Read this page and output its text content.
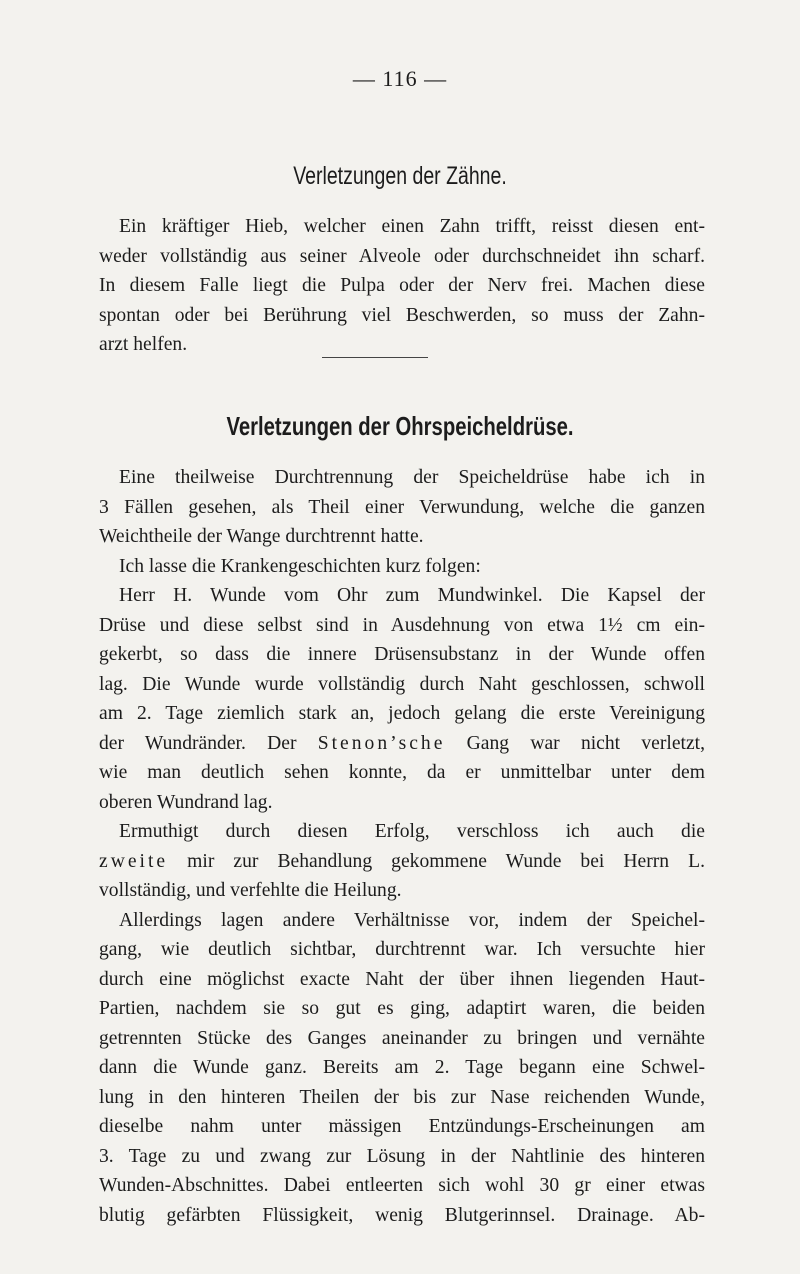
— 116 —
Verletzungen der Zähne.
Ein kräftiger Hieb, welcher einen Zahn trifft, reisst diesen ent-
weder vollständig aus seiner Alveole oder durchschneidet ihn scharf.
In diesem Falle liegt die Pulpa oder der Nerv frei. Machen diese
spontan oder bei Berührung viel Beschwerden, so muss der Zahn-
arzt helfen.
Verletzungen der Ohrspeicheldrüse.
Eine theilweise Durchtrennung der Speicheldrüse habe ich in
3 Fällen gesehen, als Theil einer Verwundung, welche die ganzen
Weichtheile der Wange durchtrennt hatte.
Ich lasse die Krankengeschichten kurz folgen:
Herr H. Wunde vom Ohr zum Mundwinkel. Die Kapsel der
Drüse und diese selbst sind in Ausdehnung von etwa 1½ cm ein-
gekerbt, so dass die innere Drüsensubstanz in der Wunde offen
lag. Die Wunde wurde vollständig durch Naht geschlossen, schwoll
am 2. Tage ziemlich stark an, jedoch gelang die erste Vereinigung
der Wundränder. Der Stenon’sche Gang war nicht verletzt,
wie man deutlich sehen konnte, da er unmittelbar unter dem
oberen Wundrand lag.
Ermuthigt durch diesen Erfolg, verschloss ich auch die
zweite mir zur Behandlung gekommene Wunde bei Herrn L.
vollständig, und verfehlte die Heilung.
Allerdings lagen andere Verhältnisse vor, indem der Speichel-
gang, wie deutlich sichtbar, durchtrennt war. Ich versuchte hier
durch eine möglichst exacte Naht der über ihnen liegenden Haut-
Partien, nachdem sie so gut es ging, adaptirt waren, die beiden
getrennten Stücke des Ganges aneinander zu bringen und vernähte
dann die Wunde ganz. Bereits am 2. Tage begann eine Schwel-
lung in den hinteren Theilen der bis zur Nase reichenden Wunde,
dieselbe nahm unter mässigen Entzündungs-Erscheinungen am
3. Tage zu und zwang zur Lösung in der Nahtlinie des hinteren
Wunden-Abschnittes. Dabei entleerten sich wohl 30 gr einer etwas
blutig gefärbten Flüssigkeit, wenig Blutgerinnsel. Drainage. Ab-
